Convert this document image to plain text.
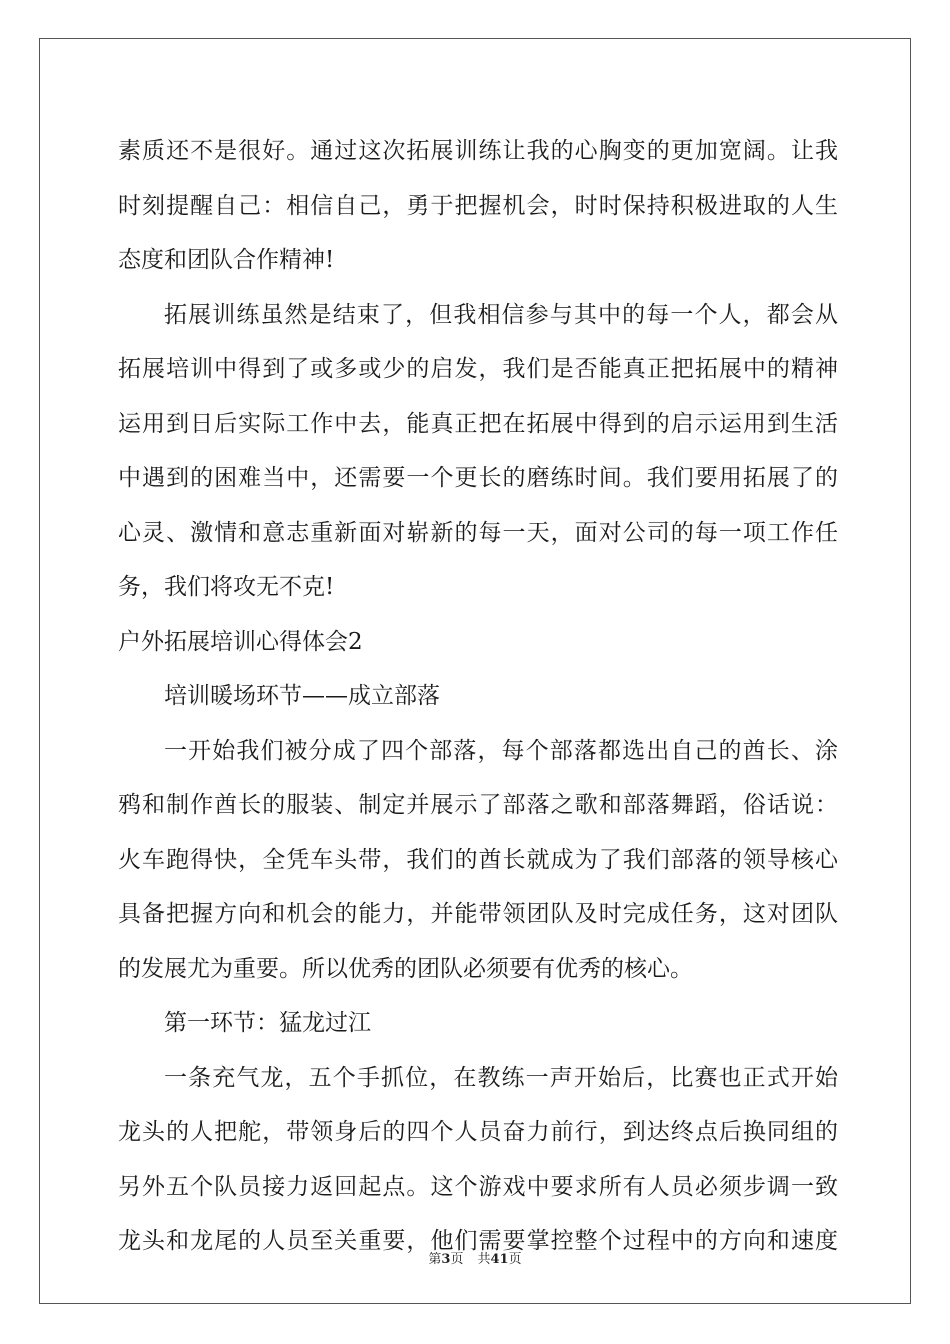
素质还不是很好。通过这次拓展训练让我的心胸变的更加宽阔。让我
时刻提醒自己：相信自己，勇于把握机会，时时保持积极进取的人生
态度和团队合作精神!
拓展训练虽然是结束了，但我相信参与其中的每一个人，都会从
拓展培训中得到了或多或少的启发，我们是否能真正把拓展中的精神
运用到日后实际工作中去，能真正把在拓展中得到的启示运用到生活
中遇到的困难当中，还需要一个更长的磨练时间。我们要用拓展了的
心灵、激情和意志重新面对崭新的每一天，面对公司的每一项工作任
务，我们将攻无不克!
户外拓展培训心得体会2
培训暖场环节——成立部落
一开始我们被分成了四个部落，每个部落都选出自己的酋长、涂
鸦和制作酋长的服装、制定并展示了部落之歌和部落舞蹈，俗话说：
火车跑得快，全凭车头带，我们的酋长就成为了我们部落的领导核心
具备把握方向和机会的能力，并能带领团队及时完成任务，这对团队
的发展尤为重要。所以优秀的团队必须要有优秀的核心。
第一环节：猛龙过江
一条充气龙，五个手抓位，在教练一声开始后，比赛也正式开始
龙头的人把舵，带领身后的四个人员奋力前行，到达终点后换同组的
另外五个队员接力返回起点。这个游戏中要求所有人员必须步调一致
龙头和龙尾的人员至关重要，他们需要掌控整个过程中的方向和速度
第3页 共41页
